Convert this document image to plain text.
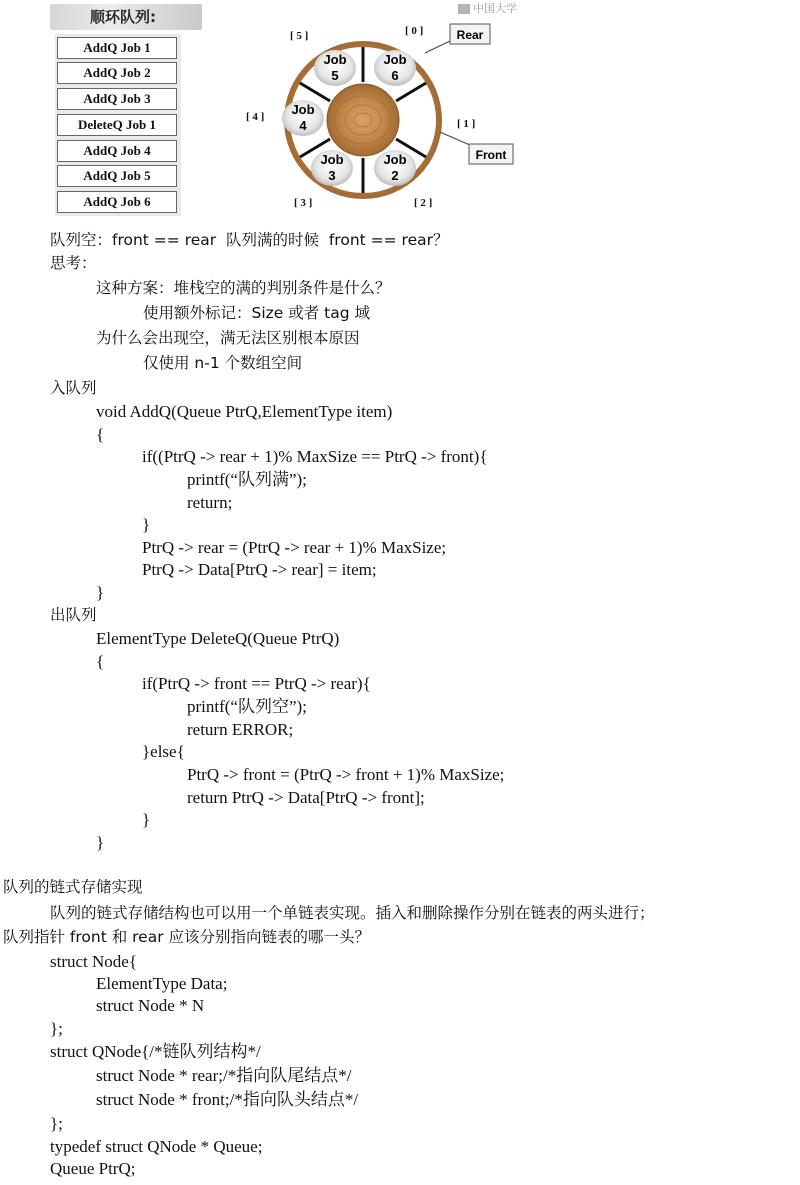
中国大学
顺环队列:
AddQ Job 1
AddQ Job 2
AddQ Job 3
DeleteQ Job 1
AddQ Job 4
AddQ Job 5
AddQ Job 6
Job
6
Job
2
Job
3
Job
4
Job
5
[ 0 ]
[ 1 ]
[ 2 ]
[ 3 ]
[ 4 ]
[ 5 ]	Rear
Front
队列空：front == rear  队列满的时候  front == rear？
思考：
这种方案：堆栈空的满的判别条件是什么？
使用额外标记：Size 或者 tag 域
为什么会出现空，满无法区别根本原因
仅使用 n-1 个数组空间
入队列
void AddQ(Queue PtrQ,ElementType item)
{
if((PtrQ -> rear + 1)% MaxSize == PtrQ -> front){
printf(“队列满”);
return;
}
PtrQ -> rear = (PtrQ -> rear + 1)% MaxSize;
PtrQ -> Data[PtrQ -> rear] = item;
}
出队列
ElementType DeleteQ(Queue PtrQ)
{
if(PtrQ -> front == PtrQ -> rear){
printf(“队列空”);
return ERROR;
}else{
PtrQ -> front = (PtrQ -> front + 1)% MaxSize;
return PtrQ -> Data[PtrQ -> front];
}
}
队列的链式存储实现
队列的链式存储结构也可以用一个单链表实现。插入和删除操作分别在链表的两头进行；
队列指针 front 和 rear 应该分别指向链表的哪一头？
struct Node{
ElementType Data;
struct Node * N
};
struct QNode{/*链队列结构*/
struct Node * rear;/*指向队尾结点*/
struct Node * front;/*指向队头结点*/
};
typedef struct QNode * Queue;
Queue PtrQ;
